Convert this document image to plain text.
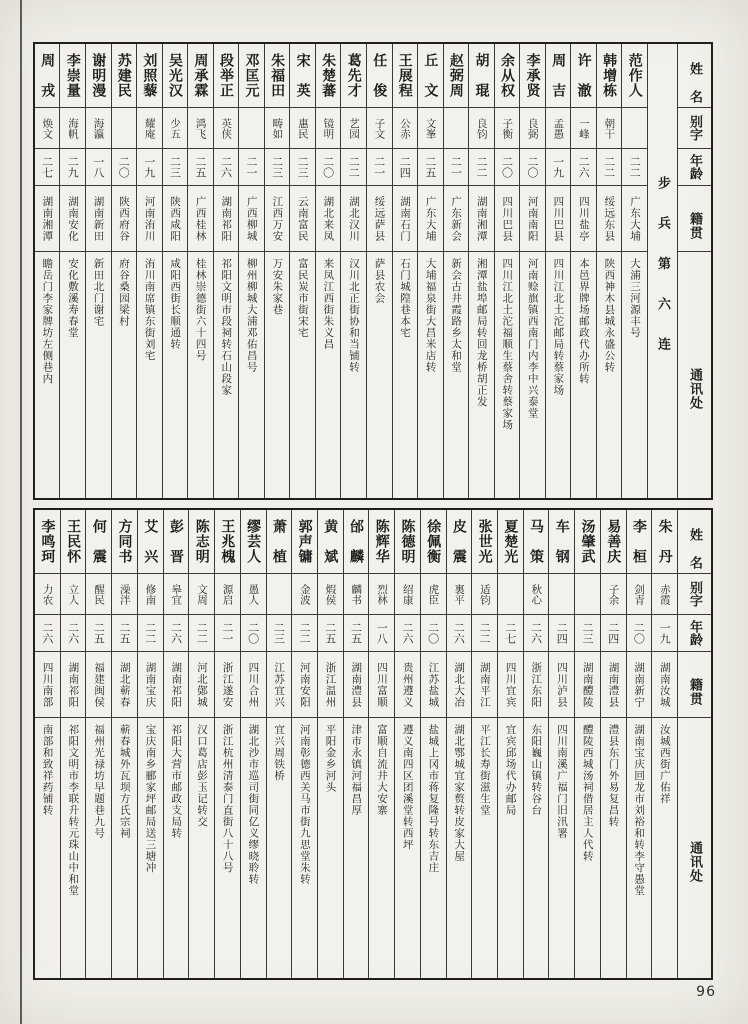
姓　名
别字
年龄
籍贯
通讯处
步兵第六连
范作人
二二
广东大埔
大浦三河源丰号
韩增栋
朝干
二二
绥远东县
陕西神木县城永盛公转
许　澈
一峰
二六
四川盐亭
本邑界牌场邮政代办所转
周　吉
孟愚
一九
四川巴县
四川江北土沱邮局转蔡家场
李承贤
良弼
二〇
河南南阳
河南赊旗镇西南门内李中兴泰堂
余从权
子衡
二〇
四川巴县
四川江北土沱福顺生蔡舍转蔡家场
胡　琨
良钧
二二
湖南湘潭
湘潭盐埠邮局转回龙桥胡正发
赵弼周
二一
广东新会
新会古井霞路乡太和堂
丘　文
文峯
二五
广东大埔
大埔福泉街大昌米店转
王展程
公赤
二四
湖南石门
石门城隍巷本宅
任　俊
子文
二一
绥远萨县
萨县农会
葛先才
艺园
二二
湖北汉川
汉川北正街协和当铺转
朱楚蕃
镜明
二〇
湖北来凤
来凤江西街朱义昌
宋　英
惠民
二三
云南富民
富民炭市街宋宅
朱福田
畴如
二三
江西万安
万安朱家巷
邓匡元
二一
广西柳城
柳州柳城大浦邓佑昌号
段举正
英侠
二六
湖南祁阳
祁阳文明市段祠转石山段家
周承霖
鸿飞
二五
广西桂林
桂林崇德街六十四号
吴光汉
少五
二三
陕西咸阳
咸阳西街长顺通转
刘照藜
耀庵
一九
河南洧川
洧川南席镇东街刘宅
苏建民
二〇
陕西府谷
府谷桑园梁村
谢明漫
海瀛
一八
湖南新田
新田北门谢宅
李崇量
海帆
二九
湖南安化
安化敷溪寿春堂
周　戎
焕文
二七
湖南湘潭
瞻岳门李家牌坊左侧巷内
姓　名
别字
年龄
籍贯
通讯处
朱　丹
赤霞
一九
湖南汝城
汝城西街广佑祥
李　桓
剑青
二〇
湖南新宁
湖南宝庆回龙市刘裕和转李守愚堂
易善庆
子余
二四
湖南澧县
澧县东门外易复昌转
汤肇武
二三
湖南醴陵
醴陵西城汤祠借居主人代转
车　钢
二四
四川泸县
四川南溪广福门旧汛署
马　策
秋心
二六
浙江东阳
东阳巍山镇转谷台
夏楚光
二七
四川宜宾
宜宾邱场代办邮局
张世光
适钧
二二
湖南平江
平江长寿街滋生堂
皮　震
裏平
二六
湖北大冶
湖北鄂城宜家赘转皮家大屋
徐佩衡
虎臣
二〇
江苏盐城
盐城上冈市蒋复隆号转东吉庄
陈德明
绍康
二六
贵州遵义
遵义南四区团溪堂转西坪
陈辉华
烈林
一八
四川富顺
富顺自流井大安寨
邰　麟
麟书
二五
湖南澧县
津市永镇河福昌厚
黄　斌
煆侯
二五
浙江温州
平阳金乡河头
郭声镛
金波
二二
河南安阳
河南彰德西关马市街九思堂朱转
萧　植
二三
江苏宜兴
宜兴周铁桥
缪芸人
愚人
二〇
四川合州
湖北沙市巡司街同亿义缪晓聆转
王兆槐
源启
二一
浙江遂安
浙江杭州清泰门直街八十八号
陈志明
文周
二二
河北鄚城
汉口葛店彭玉记转交
彭　晋
皋宜
二六
湖南祁阳
祁阳大营市邮政支局转
艾　兴
修南
二二
湖南宝庆
宝庆南乡郦家坪邮局送三塘冲
方同书
澡泮
二五
湖北蕲春
蕲春城外瓦坝方氏宗祠
何　震
醒民
二五
福建闽侯
福州光禄坊早题巷九号
王民怀
立人
二六
湖南祁阳
祁阳文明市李联升转元珠山中和堂
李鸣珂
力农
二六
四川南部
南部和致祥药铺转
96
